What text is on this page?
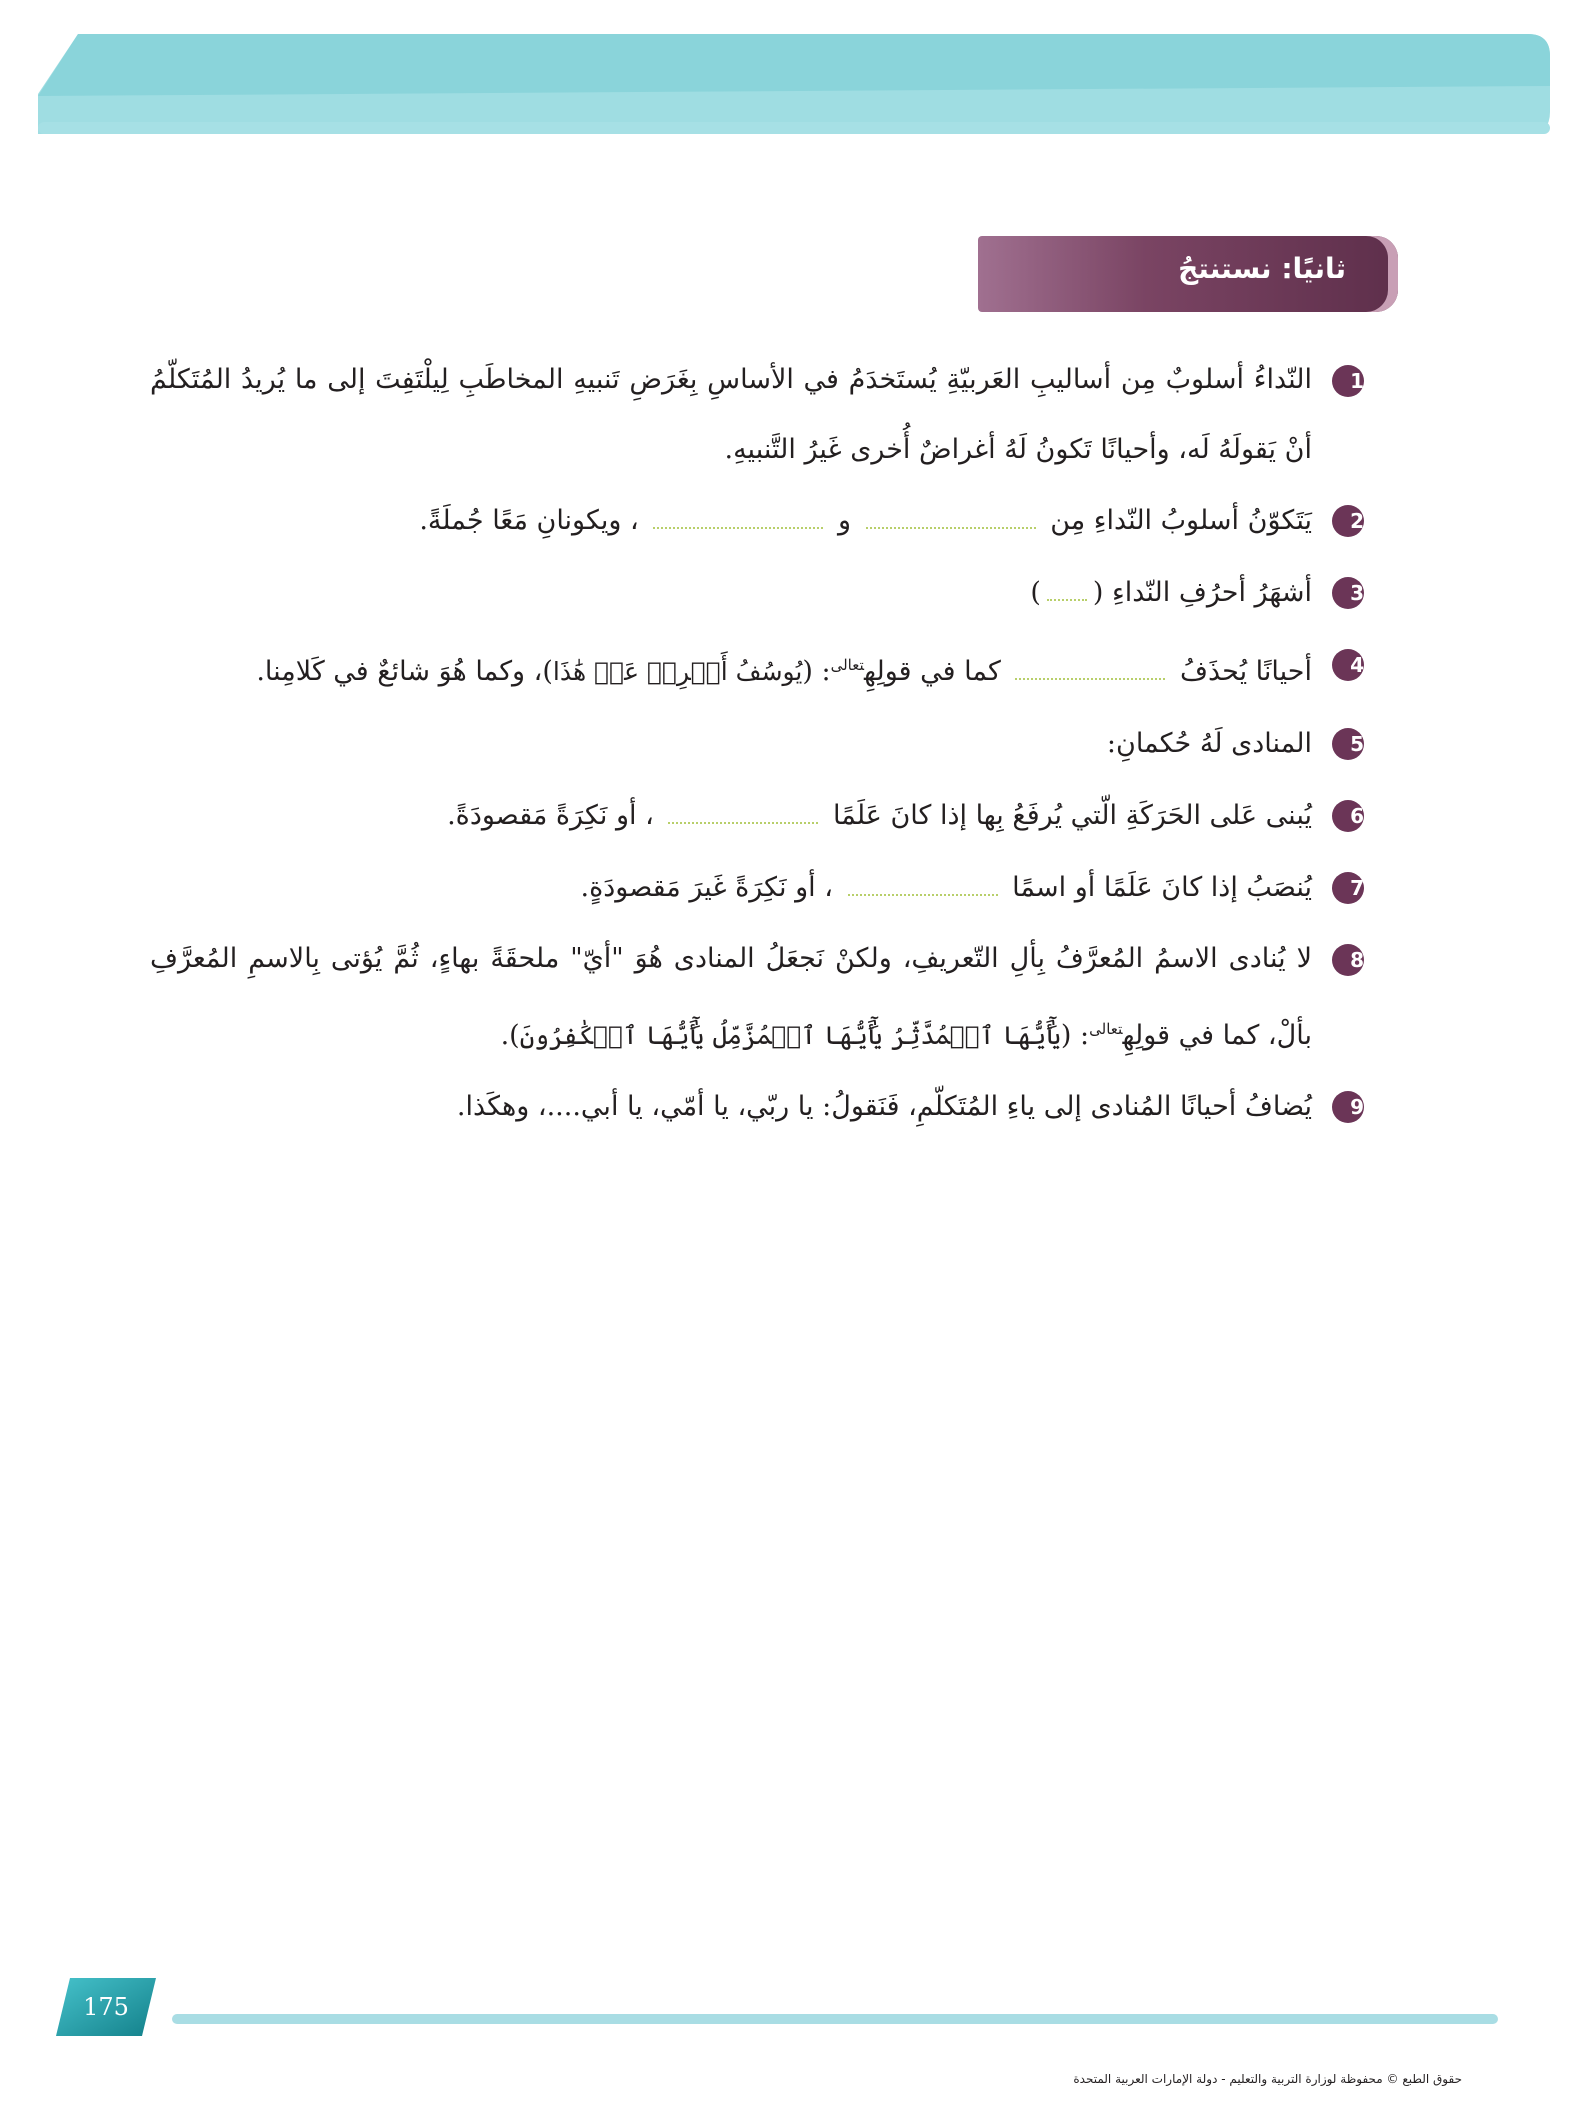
ثانيًا: نستنتجُ
1
النّداءُ أسلوبٌ مِن أساليبِ العَربيّةِ يُستَخدَمُ في الأساسِ بِغَرَضِ تَنبيهِ المخاطَبِ لِيلْتَفِتَ إلى ما يُريدُ المُتَكلّمُ أنْ يَقولَهُ لَه، وأحيانًا تَكونُ لَهُ أغراضٌ أُخرى غَيرُ التَّنبيهِ.
2
يَتَكوّنُ أسلوبُ النّداءِ مِن  و  ، ويكونانِ مَعًا جُملَةً.
3
أشهَرُ أحرُفِ النّداءِ ()
4
أحيانًا يُحذَفُ  كما في قولِهِ$^{تعالى}$: (يُوسُفُ أَعۡرِضۡ عَنۡ هَٰذَا)، وكما هُوَ شائعٌ في كَلامِنا.
5
المنادى لَهُ حُكمانِ:
6
يُبنى عَلى الحَرَكَةِ الّتي يُرفَعُ بِها إذا كانَ عَلَمًا  ، أو نَكِرَةً مَقصودَةً.
7
يُنصَبُ إذا كانَ عَلَمًا أو اسمًا  ، أو نَكِرَةً غَيرَ مَقصودَةٍ.
8
لا يُنادى الاسمُ المُعرَّفُ بِألِ التّعريفِ، ولكنْ نَجعَلُ المنادى هُوَ "أيّ" ملحقَةً بهاءٍ، ثُمَّ يُؤتى بِالاسمِ المُعرَّفِ بألْ، كما في قولِهِ$^{تعالى}$: (يَٰٓأَيُّهَا ٱلۡمُدَّثِّرُ يَٰٓأَيُّهَا ٱلۡمُزَّمِّلُ يَٰٓأَيُّهَا ٱلۡكَٰفِرُونَ).
9
يُضافُ أحيانًا المُنادى إلى ياءِ المُتَكلّمِ، فَنَقولُ: يا ربّي، يا أمّي، يا أبي....، وهكَذا.
175
حقوق الطبع © محفوظة لوزارة التربية والتعليم - دولة الإمارات العربية المتحدة
